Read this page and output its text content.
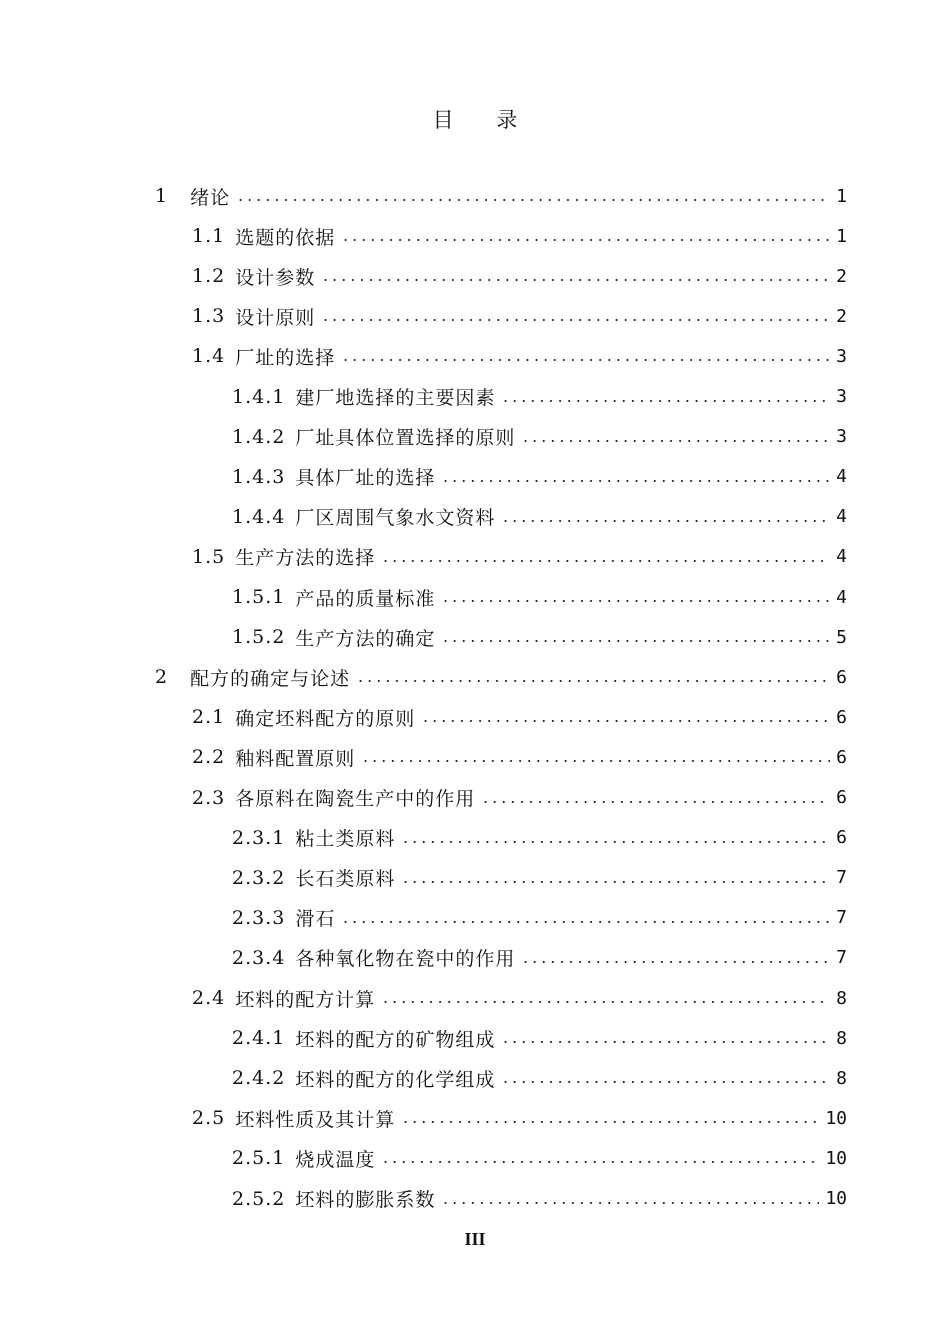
目 录
1 绪论	1
1.1 选题的依据	1
1.2 设计参数	2
1.3 设计原则	2
1.4 厂址的选择	3
1.4.1 建厂地选择的主要因素	3
1.4.2 厂址具体位置选择的原则	3
1.4.3 具体厂址的选择	4
1.4.4 厂区周围气象水文资料	4
1.5 生产方法的选择	4
1.5.1 产品的质量标准	4
1.5.2 生产方法的确定	5
2 配方的确定与论述	6
2.1 确定坯料配方的原则	6
2.2 釉料配置原则	6
2.3 各原料在陶瓷生产中的作用	6
2.3.1 粘土类原料	6
2.3.2 长石类原料	7
2.3.3 滑石	7
2.3.4 各种氧化物在瓷中的作用	7
2.4 坯料的配方计算	8
2.4.1 坯料的配方的矿物组成	8
2.4.2 坯料的配方的化学组成	8
2.5 坯料性质及其计算	10
2.5.1 烧成温度	10
2.5.2 坯料的膨胀系数	10
III
